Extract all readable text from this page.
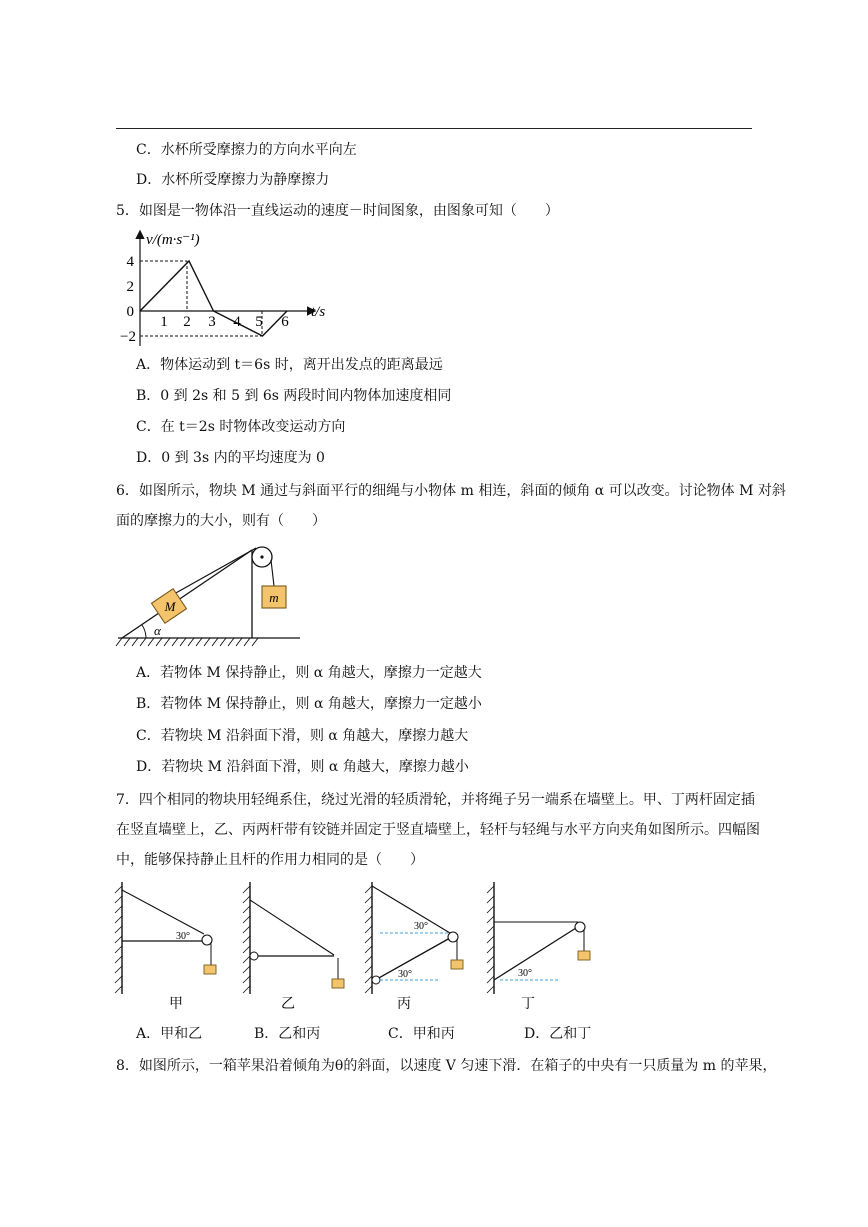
C．水杯所受摩擦力的方向水平向左
D．水杯所受摩擦力为静摩擦力
5．如图是一物体沿一直线运动的速度－时间图象，由图象可知（　　）
4
2
0
−2
1 2 3 4 5 6
v/(m·s⁻¹)
t/s
A．物体运动到 t＝6s 时，离开出发点的距离最远
B．0 到 2s 和 5 到 6s 两段时间内物体加速度相同
C．在 t＝2s 时物体改变运动方向
D．0 到 3s 内的平均速度为 0
6．如图所示，物块 M 通过与斜面平行的细绳与小物体 m 相连，斜面的倾角 α 可以改变。讨论物体 M 对斜
面的摩擦力的大小，则有（　　）
M
m
α
A．若物体 M 保持静止，则 α 角越大，摩擦力一定越大
B．若物体 M 保持静止，则 α 角越大，摩擦力一定越小
C．若物块 M 沿斜面下滑，则 α 角越大，摩擦力越大
D．若物块 M 沿斜面下滑，则 α 角越大，摩擦力越小
7．四个相同的物块用轻绳系住，绕过光滑的轻质滑轮，并将绳子另一端系在墙壁上。甲、丁两杆固定插
在竖直墙壁上，乙、丙两杆带有铰链并固定于竖直墙壁上，轻杆与轻绳与水平方向夹角如图所示。四幅图
中，能够保持静止且杆的作用力相同的是（　　）
30°
甲	乙
30°
30°
丙
30°
丁
A．甲和乙	B．乙和丙	C．甲和丙	D．乙和丁
8．如图所示，一箱苹果沿着倾角为θ的斜面，以速度 V 匀速下滑．在箱子的中央有一只质量为 m 的苹果，
